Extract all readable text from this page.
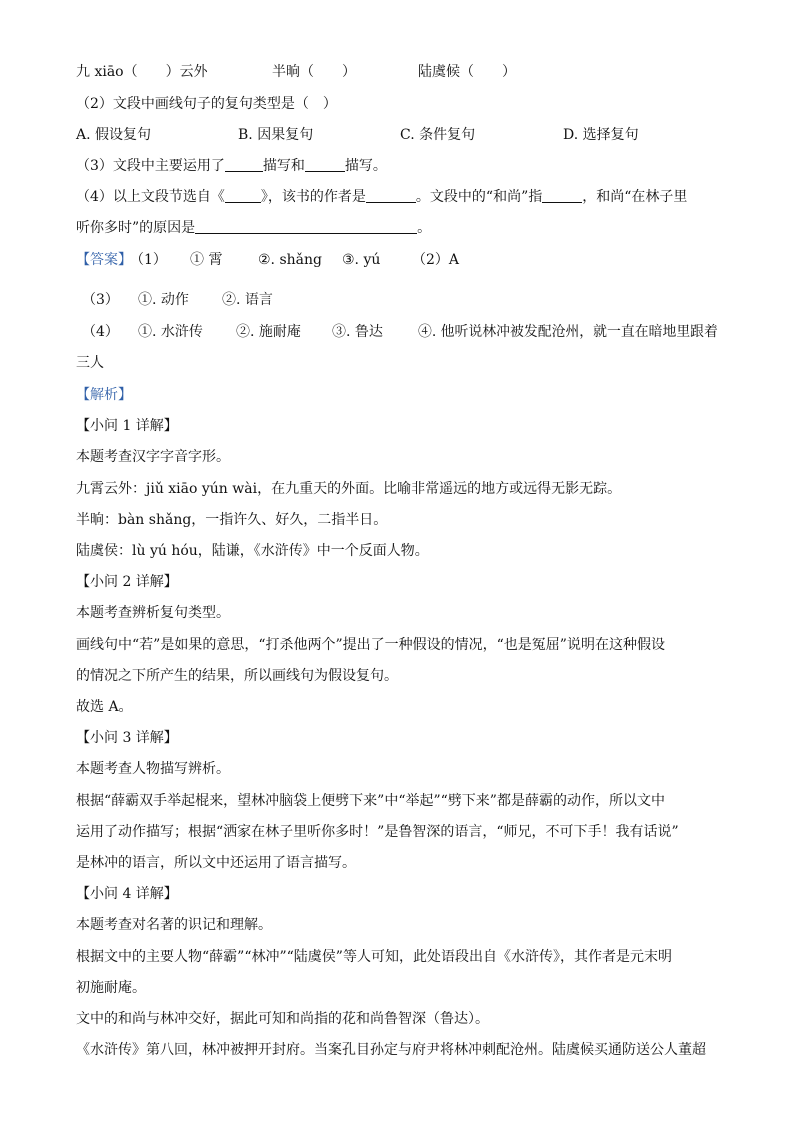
九 xiāo（　　）云外	半晌（　　）	陆虞候（　　）
（2）文段中画线句子的复句类型是（　）
A. 假设复句	B. 因果复句	C. 条件复句	D. 选择复句
（3）文段中主要运用了	描写和	描写。
（4）以上文段节选自《	》，该书的作者是	。文段中的“和尚”指	，和尚“在林子里
听你多时”的原因是	。
【答案】
（1） ① 霄	②. shǎng ③. yú （2）A
（3） ①. 动作 ②. 语言
（4） ①. 水浒传 ②. 施耐庵 ③. 鲁达	④. 他听说林冲被发配沧州，就一直在暗地里跟着
三人
【解析】
【小问 1 详解】
本题考查汉字字音字形。
九霄云外：jiǔ xiāo yún wài，在九重天的外面。比喻非常遥远的地方或远得无影无踪。
半晌：bàn shǎng，一指许久、好久，二指半日。
陆虞侯：lù yú hóu，陆谦，《水浒传》中一个反面人物。
【小问 2 详解】
本题考查辨析复句类型。
画线句中“若”是如果的意思，“打杀他两个”提出了一种假设的情况，“也是冤屈”说明在这种假设
的情况之下所产生的结果，所以画线句为假设复句。
故选 A。
【小问 3 详解】
本题考查人物描写辨析。
根据“薛霸双手举起棍来，望林冲脑袋上便劈下来”中“举起”“劈下来”都是薛霸的动作，所以文中
运用了动作描写；根据“洒家在林子里听你多时！”是鲁智深的语言，“师兄，不可下手！我有话说”
是林冲的语言，所以文中还运用了语言描写。
【小问 4 详解】
本题考查对名著的识记和理解。
根据文中的主要人物“薛霸”“林冲”“陆虞侯”等人可知，此处语段出自《水浒传》，其作者是元末明
初施耐庵。
文中的和尚与林冲交好，据此可知和尚指的花和尚鲁智深（鲁达）。
《水浒传》第八回，林冲被押开封府。当案孔目孙定与府尹将林冲刺配沧州。陆虞候买通防送公人董超
